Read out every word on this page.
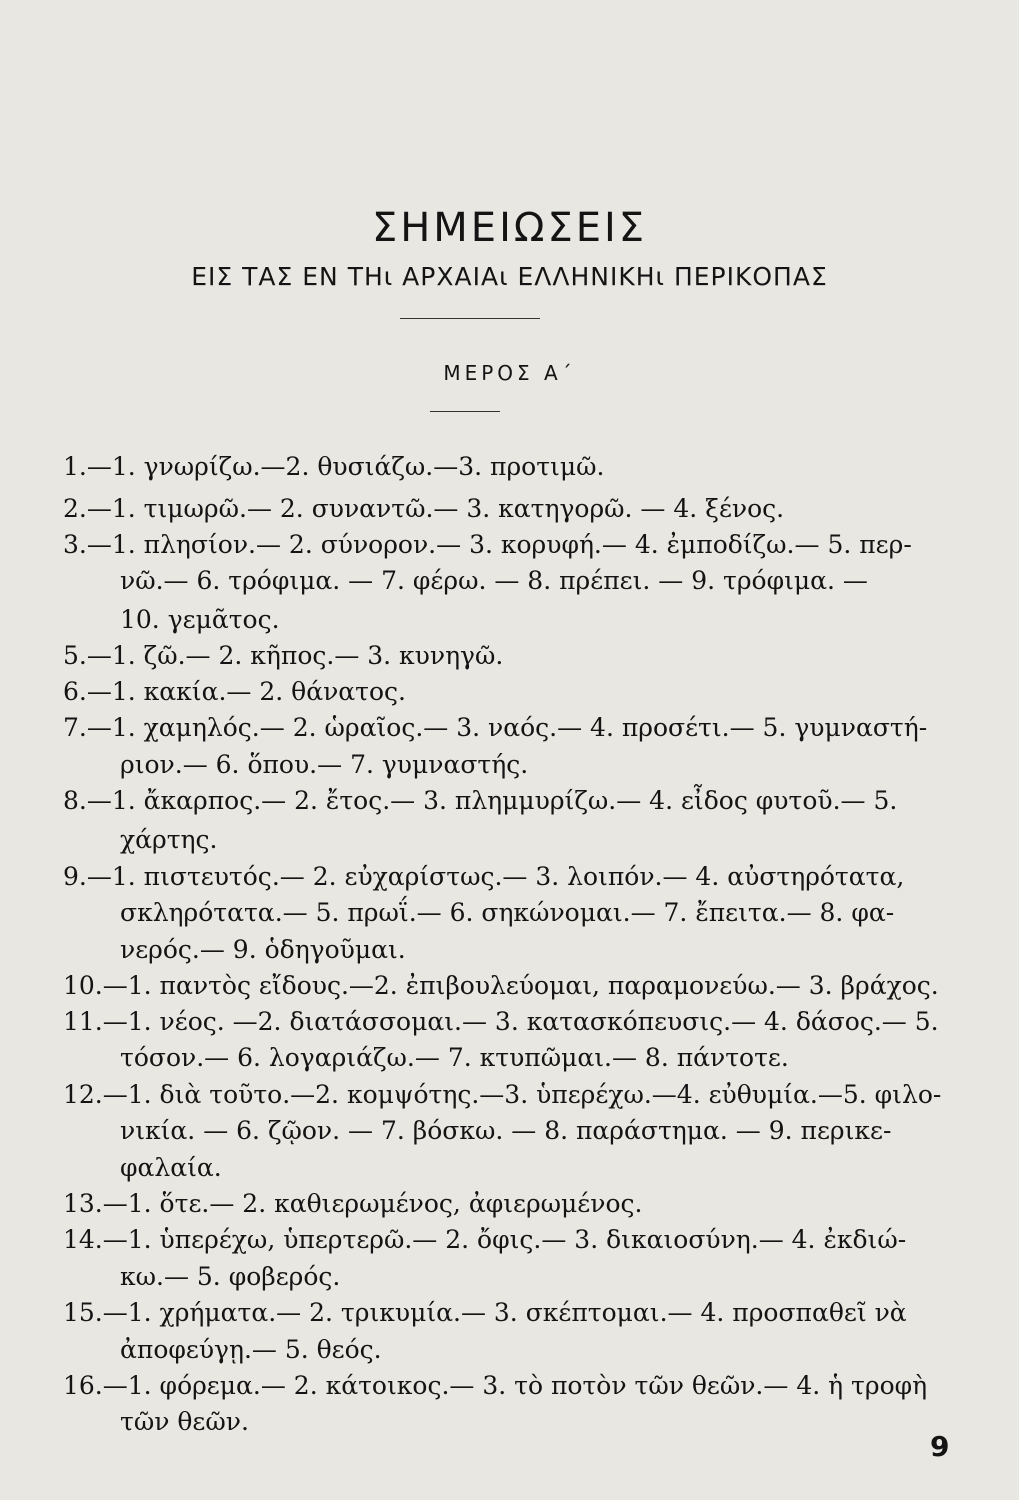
ΣΗΜΕΙΩΣΕΙΣ

ΕΙΣ ΤΑΣ ΕΝ ΤΗι ΑΡΧΑΙΑι ΕΛΛΗΝΙΚΗι ΠΕΡΙΚΟΠΑΣ

ΜΕΡΟΣ Α΄

1.—1. γνωρίζω.—2. θυσιάζω.—3. προτιμῶ.
2.—1. τιμωρῶ.— 2. συναντῶ.— 3. κατηγορῶ. — 4. ξένος.
3.—1. πλησίον.— 2. σύνορον.— 3. κορυφή.— 4. ἐμποδίζω.— 5. περ-
νῶ.— 6. τρόφιμα. — 7. φέρω. — 8. πρέπει. — 9. τρόφιμα. —
10. γεμᾶτος.
5.—1. ζῶ.— 2. κῆπος.— 3. κυνηγῶ.
6.—1. κακία.— 2. θάνατος.
7.—1. χαμηλός.— 2. ὡραῖος.— 3. ναός.— 4. προσέτι.— 5. γυμναστή-
ριον.— 6. ὅπου.— 7. γυμναστής.
8.—1. ἄκαρπος.— 2. ἔτος.— 3. πλημμυρίζω.— 4. εἶδος φυτοῦ.— 5.
χάρτης.
9.—1. πιστευτός.— 2. εὐχαρίστως.— 3. λοιπόν.— 4. αὐστηρότατα,
σκληρότατα.— 5. πρωΐ.— 6. σηκώνομαι.— 7. ἔπειτα.— 8. φα-
νερός.— 9. ὁδηγοῦμαι.
10.—1. παντὸς εἴδους.—2. ἐπιβουλεύομαι, παραμονεύω.— 3. βράχος.
11.—1. νέος. —2. διατάσσομαι.— 3. κατασκόπευσις.— 4. δάσος.— 5.
τόσον.— 6. λογαριάζω.— 7. κτυπῶμαι.— 8. πάντοτε.
12.—1. διὰ τοῦτο.—2. κομψότης.—3. ὑπερέχω.—4. εὐθυμία.—5. φιλο-
νικία. — 6. ζῷον. — 7. βόσκω. — 8. παράστημα. — 9. περικε-
φαλαία.
13.—1. ὅτε.— 2. καθιερωμένος, ἀφιερωμένος.
14.—1. ὑπερέχω, ὑπερτερῶ.— 2. ὄφις.— 3. δικαιοσύνη.— 4. ἐκδιώ-
κω.— 5. φοβερός.
15.—1. χρήματα.— 2. τρικυμία.— 3. σκέπτομαι.— 4. προσπαθεῖ νὰ
ἀποφεύγῃ.— 5. θεός.
16.—1. φόρεμα.— 2. κάτοικος.— 3. τὸ ποτὸν τῶν θεῶν.— 4. ἡ τροφὴ
τῶν θεῶν.
9
